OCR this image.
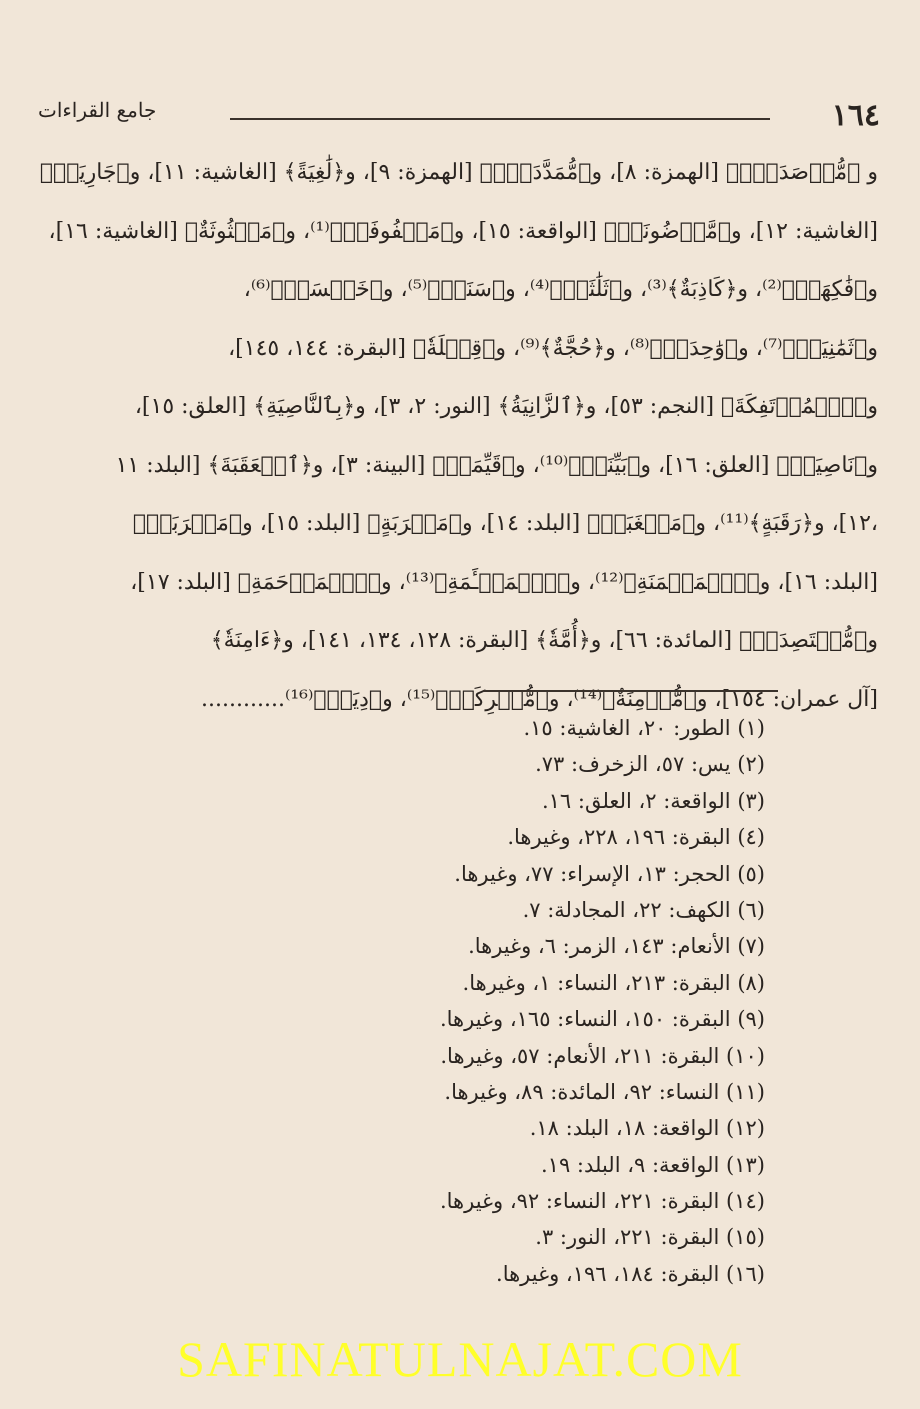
١٦٤
جامع القراءات
و ﴿مُّؤۡصَدَةُۢ﴾ [الهمزة: ٨]، و﴿مُّمَدَّدَةِۭ﴾ [الهمزة: ٩]، و﴿لَٰغِيَةً﴾ [الغاشية: ١١]، و﴿جَارِيَةٞ﴾
[الغاشية: ١٢]، و﴿مَّوۡضُونَةٖ﴾ [الواقعة: ١٥]، و﴿مَصۡفُوفَةٞ﴾⁽¹⁾، و﴿مَبۡثُوثَةٌ﴾ [الغاشية: ١٦]،
و﴿فَٰكِهَةٞ﴾⁽²⁾، و﴿كَاذِبَةٌ﴾⁽³⁾، و﴿ثَلَٰثَةٖ﴾⁽⁴⁾، و﴿سَنَةٖ﴾⁽⁵⁾، و﴿خَمۡسَةٞ﴾⁽⁶⁾،
و﴿ثَمَٰنِيَةٞ﴾⁽⁷⁾، و﴿وَٰحِدَةٖ﴾⁽⁸⁾، و﴿حُجَّةٌ﴾⁽⁹⁾، و﴿قِبۡلَةٗ﴾ [البقرة: ١٤٤، ١٤٥]،
و﴿ٱلۡمُؤۡتَفِكَةَ﴾ [النجم: ٥٣]، و﴿ٱلزَّانِيَةُ﴾ [النور: ٢، ٣]، و﴿بِٱلنَّاصِيَةِ﴾ [العلق: ١٥]،
و﴿نَاصِيَةٖ﴾ [العلق: ١٦]، و﴿بَيِّنَةٖ﴾⁽¹⁰⁾، و﴿قَيِّمَةٞ﴾ [البينة: ٣]، و﴿ٱلۡعَقَبَةَ﴾ [البلد: ١١
،١٢]، و﴿رَقَبَةٍ﴾⁽¹¹⁾، و﴿مَسۡغَبَةٖ﴾ [البلد: ١٤]، و﴿مَقۡرَبَةٍ﴾ [البلد: ١٥]، و﴿مَتۡرَبَةٖ﴾
[البلد: ١٦]، و﴿ٱلۡمَيۡمَنَةِ﴾⁽¹²⁾، و﴿ٱلۡمَشۡـَٔمَةِ﴾⁽¹³⁾، و﴿ٱلۡمَرۡحَمَةِ﴾ [البلد: ١٧]،
و﴿مُّقۡتَصِدَةٞ﴾ [المائدة: ٦٦]، و﴿أُمَّةٗ﴾ [البقرة: ١٢٨، ١٣٤، ١٤١]، و﴿ءَامِنَةٗ﴾
[آل عمران: ١٥٤]، و﴿مُّؤۡمِنَةٌ﴾⁽¹⁴⁾، و﴿مُّشۡرِكَةٖ﴾⁽¹⁵⁾، و﴿دِيَةٞ﴾⁽¹⁶⁾............
(١) الطور: ٢٠، الغاشية: ١٥.
(٢) يس: ٥٧، الزخرف: ٧٣.
(٣) الواقعة: ٢، العلق: ١٦.
(٤) البقرة: ١٩٦، ٢٢٨، وغيرها.
(٥) الحجر: ١٣، الإسراء: ٧٧، وغيرها.
(٦) الكهف: ٢٢، المجادلة: ٧.
(٧) الأنعام: ١٤٣، الزمر: ٦، وغيرها.
(٨) البقرة: ٢١٣، النساء: ١، وغيرها.
(٩) البقرة: ١٥٠، النساء: ١٦٥، وغيرها.
(١٠) البقرة: ٢١١، الأنعام: ٥٧، وغيرها.
(١١) النساء: ٩٢، المائدة: ٨٩، وغيرها.
(١٢) الواقعة: ١٨، البلد: ١٨.
(١٣) الواقعة: ٩، البلد: ١٩.
(١٤) البقرة: ٢٢١، النساء: ٩٢، وغيرها.
(١٥) البقرة: ٢٢١، النور: ٣.
(١٦) البقرة: ١٨٤، ١٩٦، وغيرها.
SAFINATULNAJAT.COM
